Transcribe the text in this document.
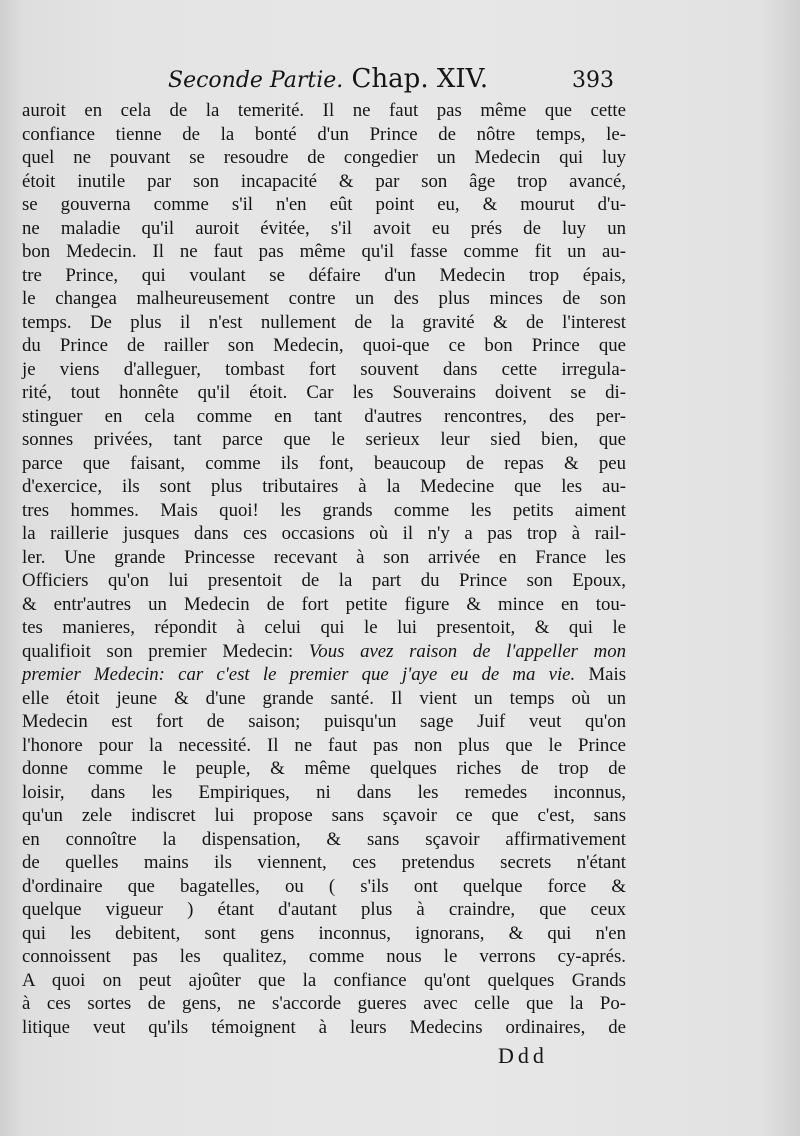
Seconde Partie. Chap. XIV.	393
auroit en cela de la temerité. Il ne faut pas même que cette
confiance tienne de la bonté d'un Prince de nôtre temps, le-
quel ne pouvant se resoudre de congedier un Medecin qui luy
étoit inutile par son incapacité & par son âge trop avancé,
se gouverna comme s'il n'en eût point eu, & mourut d'u-
ne maladie qu'il auroit évitée, s'il avoit eu prés de luy un
bon Medecin. Il ne faut pas même qu'il fasse comme fit un au-
tre Prince, qui voulant se défaire d'un Medecin trop épais,
le changea malheureusement contre un des plus minces de son
temps. De plus il n'est nullement de la gravité & de l'interest
du Prince de railler son Medecin, quoi-que ce bon Prince que
je viens d'alleguer, tombast fort souvent dans cette irregula-
rité, tout honnête qu'il étoit. Car les Souverains doivent se di-
stinguer en cela comme en tant d'autres rencontres, des per-
sonnes privées, tant parce que le serieux leur sied bien, que
parce que faisant, comme ils font, beaucoup de repas & peu
d'exercice, ils sont plus tributaires à la Medecine que les au-
tres hommes. Mais quoi! les grands comme les petits aiment
la raillerie jusques dans ces occasions où il n'y a pas trop à rail-
ler. Une grande Princesse recevant à son arrivée en France les
Officiers qu'on lui presentoit de la part du Prince son Epoux,
& entr'autres un Medecin de fort petite figure & mince en tou-
tes manieres, répondit à celui qui le lui presentoit, & qui le
qualifioit son premier Medecin: Vous avez raison de l'appeller mon
premier Medecin: car c'est le premier que j'aye eu de ma vie. Mais
elle étoit jeune & d'une grande santé. Il vient un temps où un
Medecin est fort de saison; puisqu'un sage Juif veut qu'on
l'honore pour la necessité. Il ne faut pas non plus que le Prince
donne comme le peuple, & même quelques riches de trop de
loisir, dans les Empiriques, ni dans les remedes inconnus,
qu'un zele indiscret lui propose sans sçavoir ce que c'est, sans
en connoître la dispensation, & sans sçavoir affirmativement
de quelles mains ils viennent, ces pretendus secrets n'étant
d'ordinaire que bagatelles, ou ( s'ils ont quelque force &
quelque vigueur ) étant d'autant plus à craindre, que ceux
qui les debitent, sont gens inconnus, ignorans, & qui n'en
connoissent pas les qualitez, comme nous le verrons cy-aprés.
A quoi on peut ajoûter que la confiance qu'ont quelques Grands
à ces sortes de gens, ne s'accorde gueres avec celle que la Po-
litique veut qu'ils témoignent à leurs Medecins ordinaires, de
Ddd
